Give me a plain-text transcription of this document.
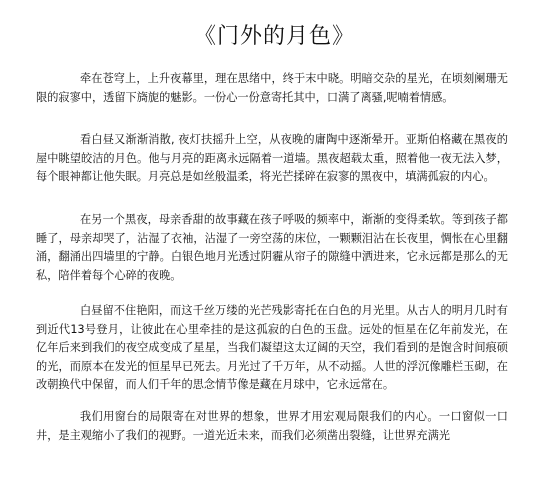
《门外的月色》

牵在苍穹上，上升夜幕里，理在思绪中，终于末中晓。明暗交杂的星光，在顷刻阑珊无限的寂寥中，透留下旖旎的魅影。一份心一份意寄托其中，口满了离骚,呢喃着情感。

看白昼又渐渐消散, 夜灯扶摇升上空，从夜晚的庸陶中逐渐晕开。亚斯伯格藏在黑夜的屋中眺望皎洁的月色。他与月亮的距离永远隔着一道墙。黑夜超载太重，照着他一夜无法入梦，每个眼神都让他失眠。月亮总是如丝般温柔，将光芒揉碎在寂寥的黑夜中，填满孤寂的内心。

在另一个黑夜，母亲香甜的故事藏在孩子呼吸的频率中，渐渐的变得柔软。等到孩子都睡了，母亲却哭了，沾湿了衣袖，沾湿了一旁空荡的床位，一颗颗泪沾在长夜里，惆怅在心里翻涌，翻涌出四墙里的宁静。白银色地月光透过阴霾从帘子的隙缝中洒进来，它永远都是那么的无私，陪伴着每个心碎的夜晚。

白昼留不住艳阳，而这千丝万缕的光芒残影寄托在白色的月光里。从古人的明月几时有到近代13号登月，让彼此在心里牵挂的是这孤寂的白色的玉盘。远处的恒星在亿年前发光，在亿年后来到我们的夜空成变成了星星，当我们凝望这太辽阔的天空，我们看到的是饱含时间痕硕的光，而原本在发光的恒星早已死去。月光过了千万年，从不动摇。人世的浮沉像雕栏玉砌，在改朝换代中保留，而人们千年的思念情节像是藏在月球中，它永远常在。

我们用窗台的局限寄在对世界的想象，世界才用宏观局限我们的内心。一口窗似一口井，是主观缩小了我们的视野。一道光近未来，而我们必须凿出裂缝，让世界充满光
